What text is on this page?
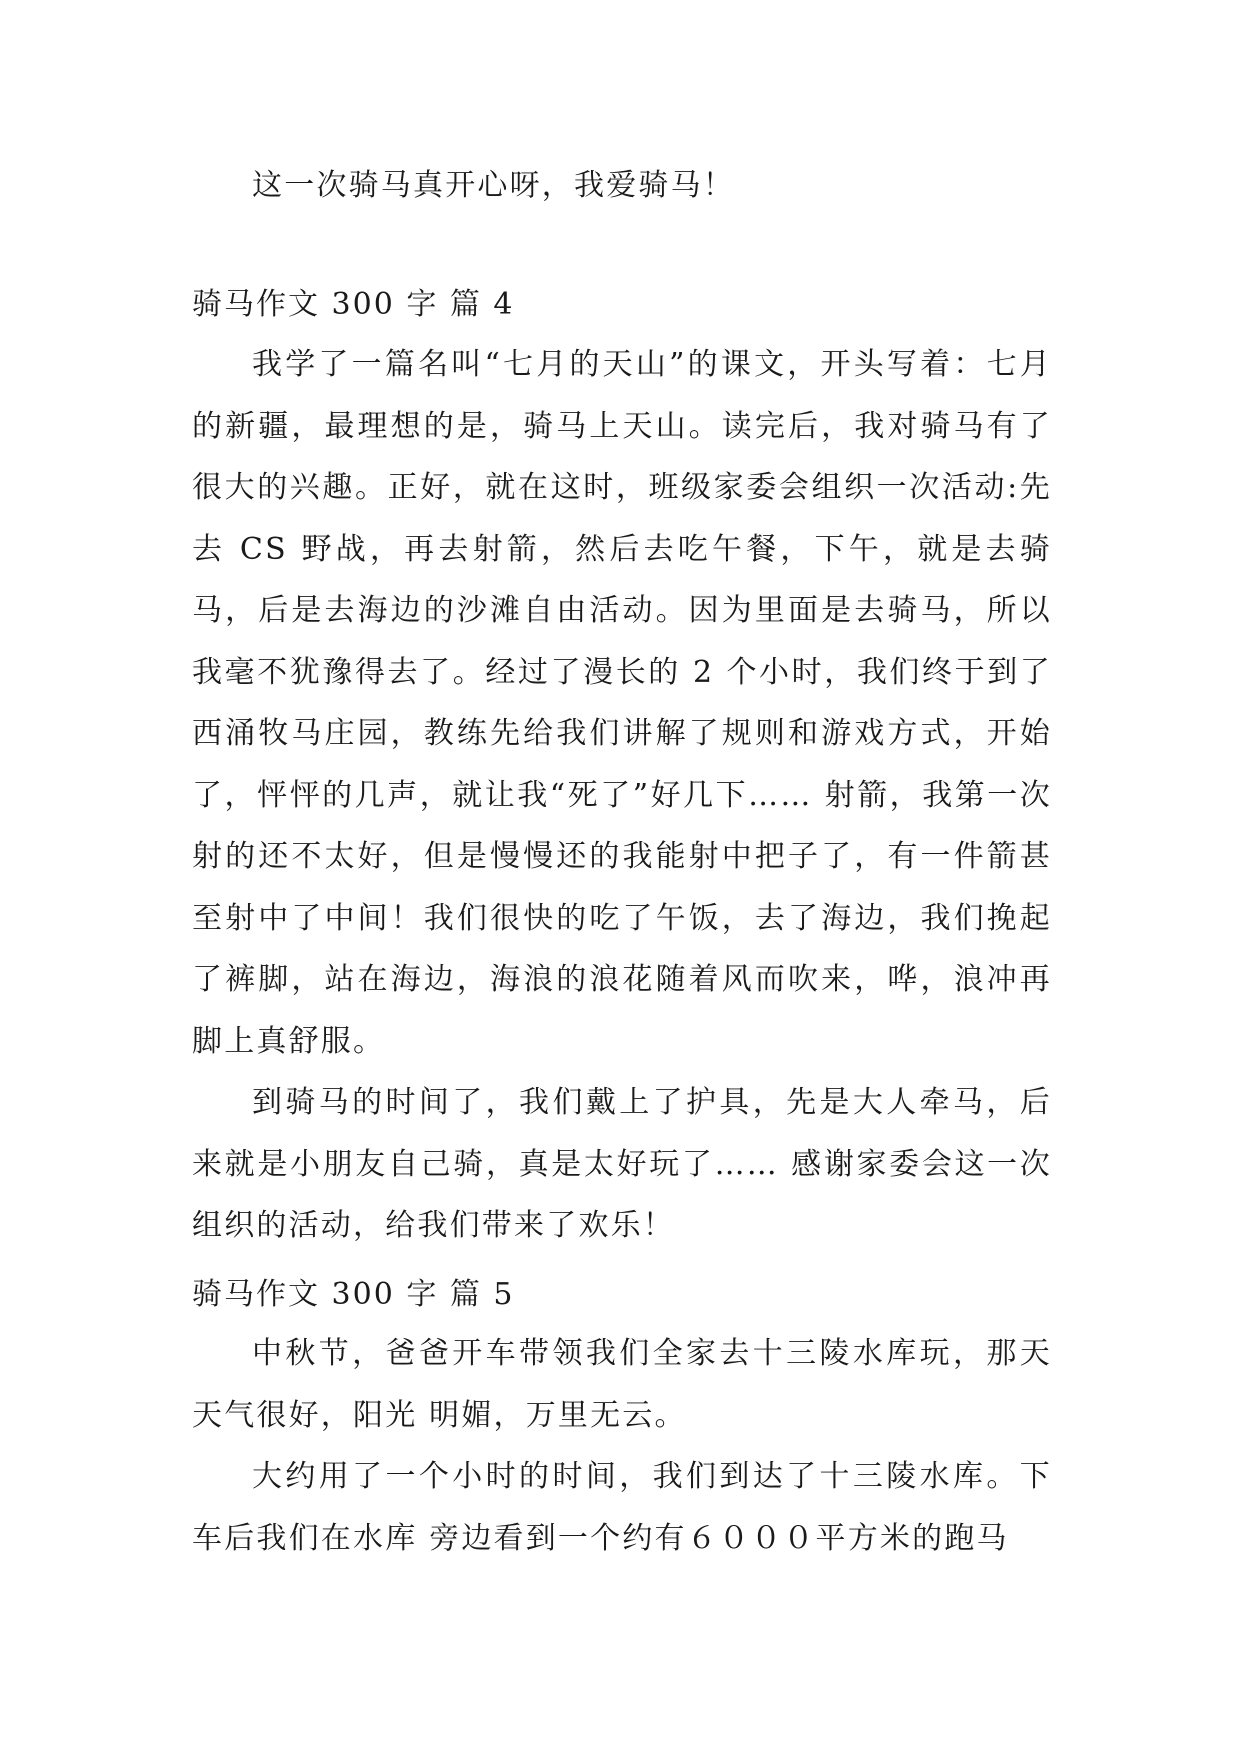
这一次骑马真开心呀，我爱骑马！

骑马作文 300 字 篇 4

我学了一篇名叫“七月的天山”的课文，开头写着：七月的新疆，最理想的是，骑马上天山。读完后，我对骑马有了很大的兴趣。正好，就在这时，班级家委会组织一次活动:先去 CS 野战，再去射箭，然后去吃午餐，下午，就是去骑马，后是去海边的沙滩自由活动。因为里面是去骑马，所以我毫不犹豫得去了。经过了漫长的 2 个小时，我们终于到了西涌牧马庄园，教练先给我们讲解了规则和游戏方式，开始了，怦怦的几声，就让我“死了”好几下…… 射箭，我第一次射的还不太好，但是慢慢还的我能射中把子了，有一件箭甚至射中了中间！我们很快的吃了午饭，去了海边，我们挽起了裤脚，站在海边，海浪的浪花随着风而吹来，哗，浪冲再脚上真舒服。

到骑马的时间了，我们戴上了护具，先是大人牵马，后来就是小朋友自己骑，真是太好玩了…… 感谢家委会这一次组织的活动，给我们带来了欢乐！

骑马作文 300 字 篇 5

中秋节，爸爸开车带领我们全家去十三陵水库玩，那天天气很好，阳光 明媚，万里无云。

大约用了一个小时的时间，我们到达了十三陵水库。下车后我们在水库 旁边看到一个约有６０００平方米的跑马
